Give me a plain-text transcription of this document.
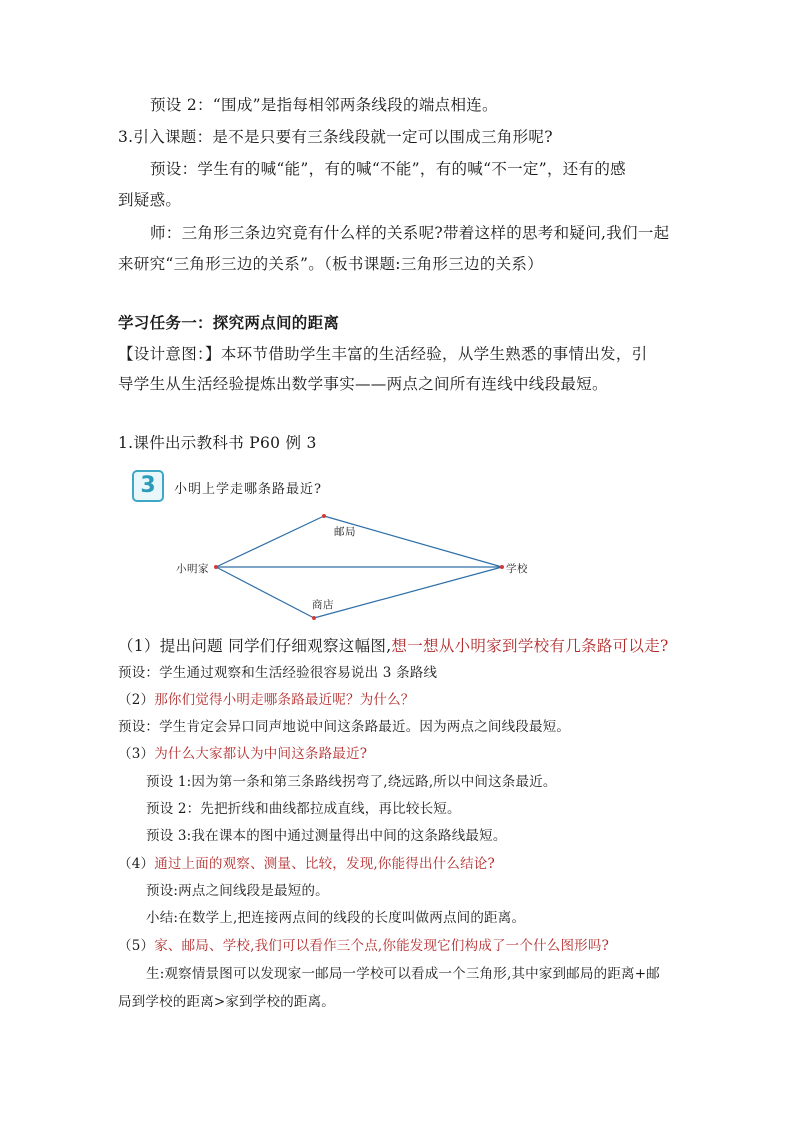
预设 2：“围成”是指每相邻两条线段的端点相连。
3.引入课题：是不是只要有三条线段就一定可以围成三角形呢?
预设：学生有的喊“能”，有的喊“不能”，有的喊“不一定”，还有的感
到疑惑。
师：三角形三条边究竟有什么样的关系呢?带着这样的思考和疑问,我们一起
来研究“三角形三边的关系”。（板书课题:三角形三边的关系）
学习任务一：探究两点间的距离
【设计意图：】本环节借助学生丰富的生活经验，从学生熟悉的事情出发，引
导学生从生活经验提炼出数学事实——两点之间所有连线中线段最短。
1.课件出示教科书 P60 例 3
3	小明上学走哪条路最近?
小明家
邮局
学校
商店
（1）提出问题 同学们仔细观察这幅图,想一想从小明家到学校有几条路可以走?
预设：学生通过观察和生活经验很容易说出 3 条路线
（2）那你们觉得小明走哪条路最近呢？为什么？
预设：学生肯定会异口同声地说中间这条路最近。因为两点之间线段最短。
（3）为什么大家都认为中间这条路最近?
预设 1:因为第一条和第三条路线拐弯了,绕远路,所以中间这条最近。
预设 2：先把折线和曲线都拉成直线，再比较长短。
预设 3:我在课本的图中通过测量得出中间的这条路线最短。
（4）通过上面的观察、测量、比较，发现,你能得出什么结论?
预设:两点之间线段是最短的。
小结:在数学上,把连接两点间的线段的长度叫做两点间的距离。
（5）家、邮局、学校,我们可以看作三个点,你能发现它们构成了一个什么图形吗?
生:观察情景图可以发现家一邮局一学校可以看成一个三角形,其中家到邮局的距离+邮
局到学校的距离>家到学校的距离。
